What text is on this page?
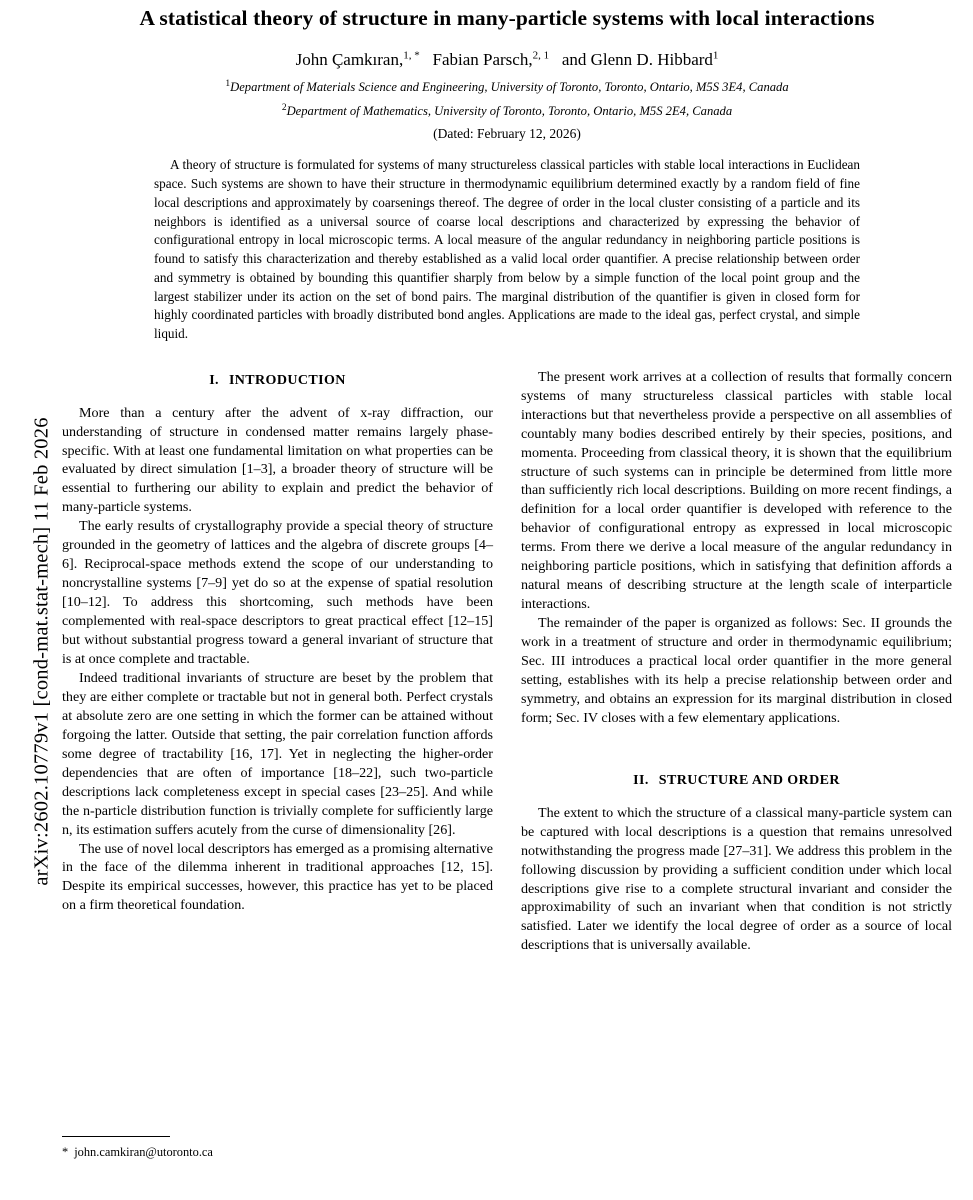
arXiv:2602.10779v1 [cond-mat.stat-mech] 11 Feb 2026
A statistical theory of structure in many-particle systems with local interactions
John Çamkıran,$^{1, *}$ Fabian Parsch,$^{2, 1}$ and Glenn D. Hibbard$^1$
$^1$Department of Materials Science and Engineering, University of Toronto, Toronto, Ontario, M5S 3E4, Canada
$^2$Department of Mathematics, University of Toronto, Toronto, Ontario, M5S 2E4, Canada
(Dated: February 12, 2026)
A theory of structure is formulated for systems of many structureless classical particles with stable local interactions in Euclidean space. Such systems are shown to have their structure in thermodynamic equilibrium determined exactly by a random field of fine local descriptions and approximately by coarsenings thereof. The degree of order in the local cluster consisting of a particle and its neighbors is identified as a universal source of coarse local descriptions and characterized by expressing the behavior of configurational entropy in local microscopic terms. A local measure of the angular redundancy in neighboring particle positions is found to satisfy this characterization and thereby established as a valid local order quantifier. A precise relationship between order and symmetry is obtained by bounding this quantifier sharply from below by a simple function of the local point group and the largest stabilizer under its action on the set of bond pairs. The marginal distribution of the quantifier is given in closed form for highly coordinated particles with broadly distributed bond angles. Applications are made to the ideal gas, perfect crystal, and simple liquid.
I. INTRODUCTION

More than a century after the advent of x-ray diffraction, our understanding of structure in condensed matter remains largely phase-specific. With at least one fundamental limitation on what properties can be evaluated by direct simulation [1–3], a broader theory of structure will be essential to furthering our ability to explain and predict the behavior of many-particle systems.

The early results of crystallography provide a special theory of structure grounded in the geometry of lattices and the algebra of discrete groups [4–6]. Reciprocal-space methods extend the scope of our understanding to noncrystalline systems [7–9] yet do so at the expense of spatial resolution [10–12]. To address this shortcoming, such methods have been complemented with real-space descriptors to great practical effect [12–15] but without substantial progress toward a general invariant of structure that is at once complete and tractable.

Indeed traditional invariants of structure are beset by the problem that they are either complete or tractable but not in general both. Perfect crystals at absolute zero are one setting in which the former can be attained without forgoing the latter. Outside that setting, the pair correlation function affords some degree of tractability [16, 17]. Yet in neglecting the higher-order dependencies that are often of importance [18–22], such two-particle descriptions lack completeness except in special cases [23–25]. And while the n-particle distribution function is trivially complete for sufficiently large n, its estimation suffers acutely from the curse of dimensionality [26].

The use of novel local descriptors has emerged as a promising alternative in the face of the dilemma inherent in traditional approaches [12, 15]. Despite its empirical successes, however, this practice has yet to be placed on a firm theoretical foundation.

* john.camkiran@utoronto.ca

The present work arrives at a collection of results that formally concern systems of many structureless classical particles with stable local interactions but that nevertheless provide a perspective on all assemblies of countably many bodies described entirely by their species, positions, and momenta. Proceeding from classical theory, it is shown that the equilibrium structure of such systems can in principle be determined from little more than sufficiently rich local descriptions. Building on more recent findings, a definition for a local order quantifier is developed with reference to the behavior of configurational entropy as expressed in local microscopic terms. From there we derive a local measure of the angular redundancy in neighboring particle positions, which in satisfying that definition affords a natural means of describing structure at the length scale of interparticle interactions.

The remainder of the paper is organized as follows: Sec. II grounds the work in a treatment of structure and order in thermodynamic equilibrium; Sec. III introduces a practical local order quantifier in the more general setting, establishes with its help a precise relationship between order and symmetry, and obtains an expression for its marginal distribution in closed form; Sec. IV closes with a few elementary applications.

II. STRUCTURE AND ORDER

The extent to which the structure of a classical many-particle system can be captured with local descriptions is a question that remains unresolved notwithstanding the progress made [27–31]. We address this problem in the following discussion by providing a sufficient condition under which local descriptions give rise to a complete structural invariant and consider the approximability of such an invariant when that condition is not strictly satisfied. Later we identify the local degree of order as a source of local descriptions that is universally available.
